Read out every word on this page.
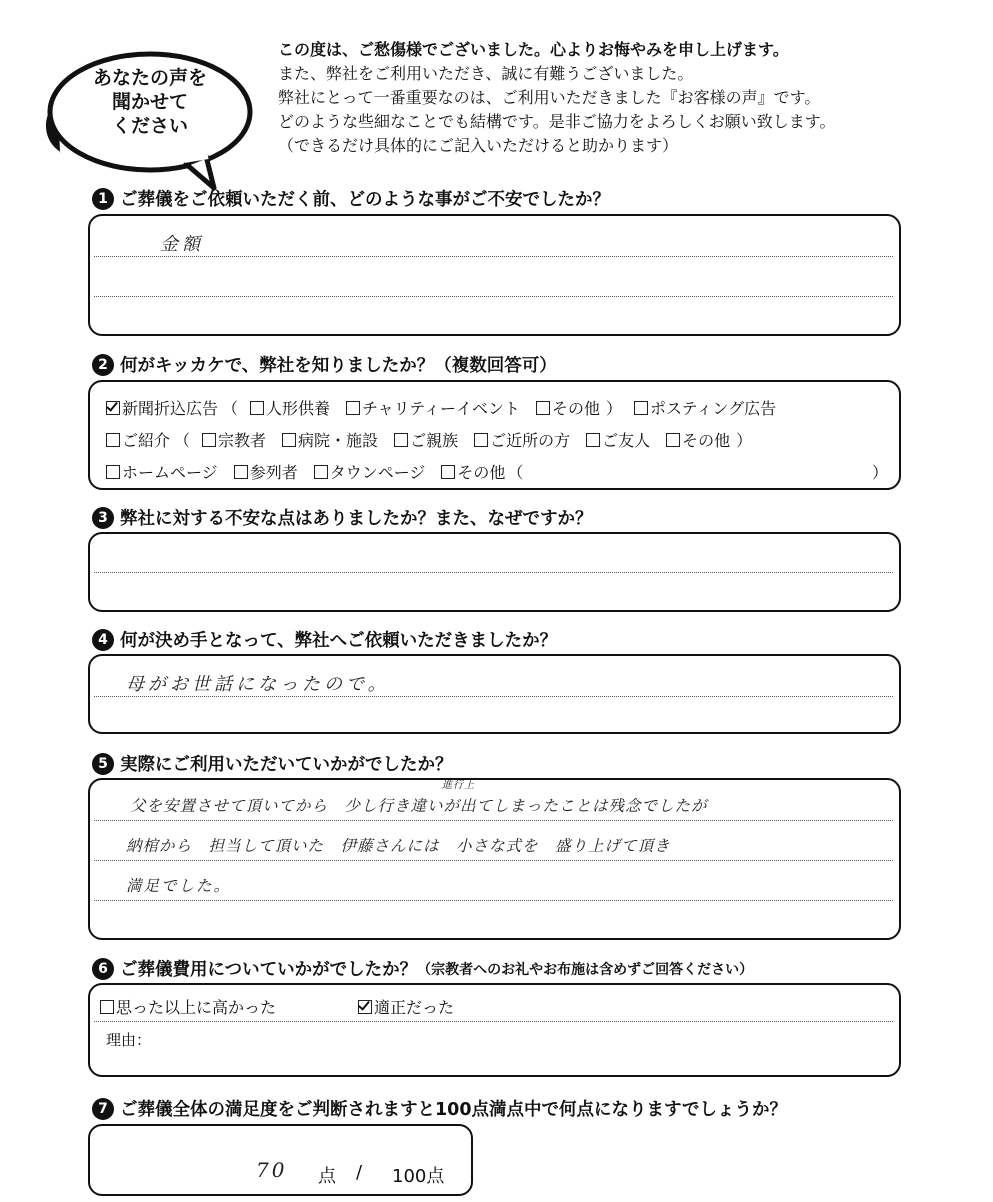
あなたの声を
聞かせて
ください
この度は、ご愁傷様でございました。心よりお悔やみを申し上げます。
また、弊社をご利用いただき、誠に有難うございました。
弊社にとって一番重要なのは、ご利用いただきました『お客様の声』です。
どのような些細なことでも結構です。是非ご協力をよろしくお願い致します。
（できるだけ具体的にご記入いただけると助かります）
1 ご葬儀をご依頼いただく前、どのような事がご不安でしたか？
金額
2 何がキッカケで、弊社を知りましたか？（複数回答可）
新聞折込広告 （ 人形供養 チャリティーイベント その他 ） ポスティング広告
ご紹介 （ 宗教者 病院・施設 ご親族 ご近所の方 ご友人 その他 ）
ホームページ 参列者 タウンページ その他 （	）
3 弊社に対する不安な点はありましたか？また、なぜですか？
4 何が決め手となって、弊社へご依頼いただきましたか？
母がお世話になったので。
5 実際にご利用いただいていかがでしたか？
進行上
父を安置させて頂いてから　少し行き違いが出てしまったことは残念でしたが
納棺から　担当して頂いた　伊藤さんには　小さな式を　盛り上げて頂き
満足でした。
6 ご葬儀費用についていかがでしたか？ （宗教者へのお礼やお布施は含めずご回答ください）
思った以上に高かった	適正だった
理由：
7 ご葬儀全体の満足度をご判断されますと100点満点中で何点になりますでしょうか？
70 点 / 100点
